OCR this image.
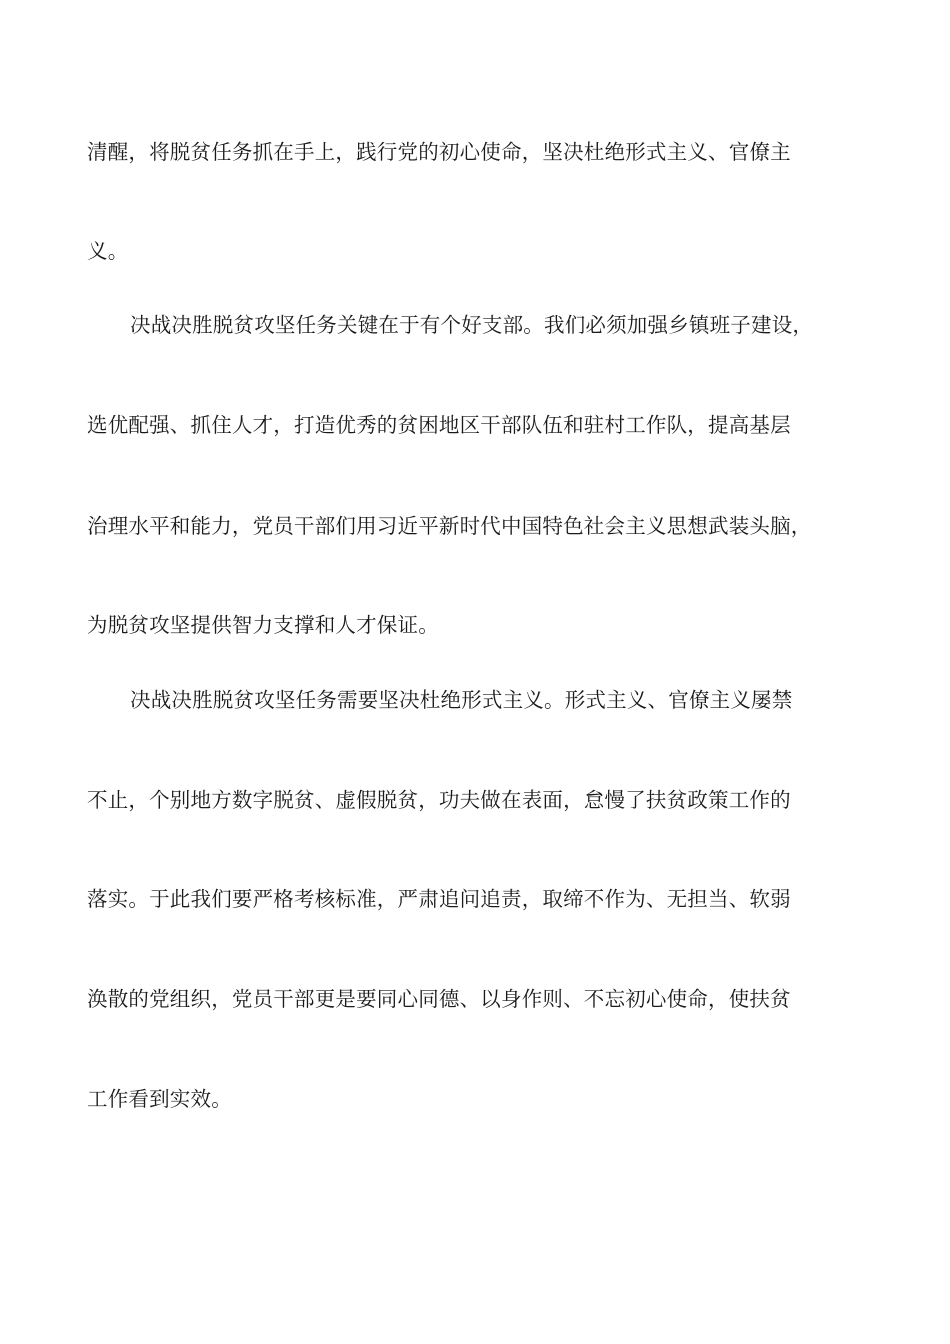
清醒，将脱贫任务抓在手上，践行党的初心使命，坚决杜绝形式主义、官僚主
义。
决战决胜脱贫攻坚任务关键在于有个好支部。我们必须加强乡镇班子建设，
选优配强、抓住人才，打造优秀的贫困地区干部队伍和驻村工作队，提高基层
治理水平和能力，党员干部们用习近平新时代中国特色社会主义思想武装头脑，
为脱贫攻坚提供智力支撑和人才保证。
决战决胜脱贫攻坚任务需要坚决杜绝形式主义。形式主义、官僚主义屡禁
不止，个别地方数字脱贫、虚假脱贫，功夫做在表面，怠慢了扶贫政策工作的
落实。于此我们要严格考核标准，严肃追问追责，取缔不作为、无担当、软弱
涣散的党组织，党员干部更是要同心同德、以身作则、不忘初心使命，使扶贫
工作看到实效。
